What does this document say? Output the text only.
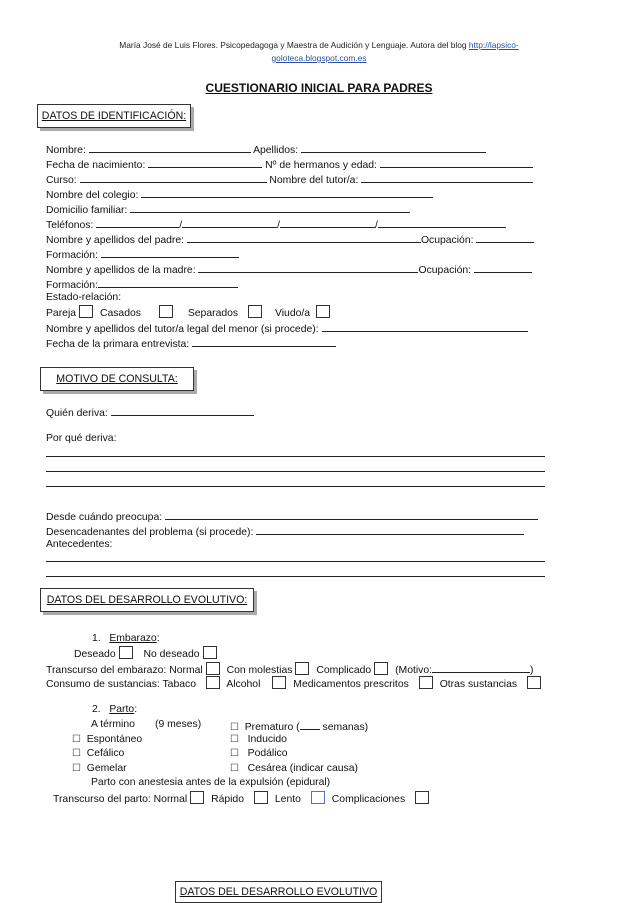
María José de Luis Flores. Psicopedagoga y Maestra de Audición y Lenguaje. Autora del blog http://lapsico-
goloteca.blogspot.com.es
CUESTIONARIO INICIAL PARA PADRES
DATOS DE IDENTIFICACIÓN:
Nombre:	Apellidos:
Fecha de nacimiento:	Nº de hermanos y edad:
Curso:	Nombre del tutor/a:
Nombre del colegio:
Domicilio familiar:
Teléfonos:	/	/	/
Nombre y apellidos del padre:	Ocupación:
Formación:
Nombre y apellidos de la madre:	Ocupación:
Formación:
Estado-relación:
Pareja Casados	Separados	Viudo/a
Nombre y apellidos del tutor/a legal del menor (si procede):
Fecha de la primara entrevista:
MOTIVO DE CONSULTA:
Quién deriva:
Por qué deriva:
Desde cuándo preocupa:
Desencadenantes del problema (si procede):
Antecedentes:
DATOS DEL DESARROLLO EVOLUTIVO:
1. Embarazo:
Deseado	No deseado
Transcurso del embarazo: Normal Con molestias Complicado (Motivo:	)
Consumo de sustancias: Tabaco	Alcohol	Medicamentos prescritos	Otras sustancias
2. Parto:
A término (9 meses)	☐ Prematuro ( semanas)
☐ Espontáneo	☐ Inducido
☐ Cefálico	☐ Podálico
☐ Gemelar	☐ Cesárea (indicar causa)
Parto con anestesia antes de la expulsión (epidural)
Transcurso del parto: Normal Rápido	Lento	Complicaciones
DATOS DEL DESARROLLO EVOLUTIVO
